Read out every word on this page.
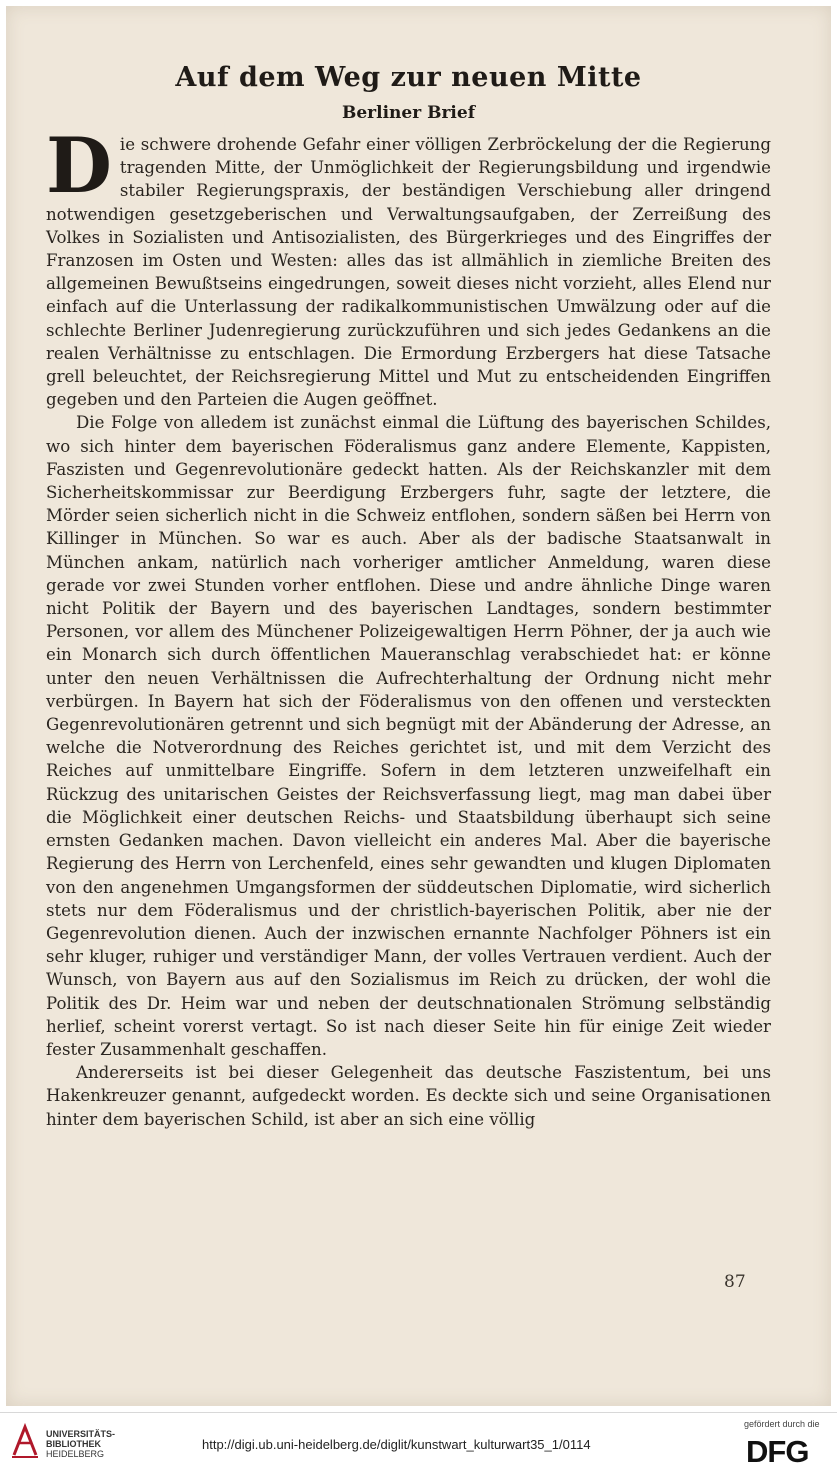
Auf dem Weg zur neuen Mitte
Berliner Brief

Die schwere drohende Gefahr einer völligen Zerbröckelung der die Regierung tragenden Mitte, der Unmöglichkeit der Regierungsbildung und irgendwie stabiler Regierungspraxis, der beständigen Verschiebung aller dringend notwendigen gesetzgeberischen und Verwaltungsaufgaben, der Zerreißung des Volkes in Sozialisten und Antisozialisten, des Bürgerkrieges und des Eingriffes der Franzosen im Osten und Westen: alles das ist allmählich in ziemliche Breiten des allgemeinen Bewußtseins eingedrungen, soweit dieses nicht vorzieht, alles Elend nur einfach auf die Unterlassung der radikalkommunistischen Umwälzung oder auf die schlechte Berliner Judenregierung zurückzuführen und sich jedes Gedankens an die realen Verhältnisse zu entschlagen. Die Ermordung Erzbergers hat diese Tatsache grell beleuchtet, der Reichsregierung Mittel und Mut zu entscheidenden Eingriffen gegeben und den Parteien die Augen geöffnet.

Die Folge von alledem ist zunächst einmal die Lüftung des bayerischen Schildes, wo sich hinter dem bayerischen Föderalismus ganz andere Elemente, Kappisten, Faszisten und Gegenrevolutionäre gedeckt hatten. Als der Reichskanzler mit dem Sicherheitskommissar zur Beerdigung Erzbergers fuhr, sagte der letztere, die Mörder seien sicherlich nicht in die Schweiz entflohen, sondern säßen bei Herrn von Killinger in München. So war es auch. Aber als der badische Staatsanwalt in München ankam, natürlich nach vorheriger amtlicher Anmeldung, waren diese gerade vor zwei Stunden vorher entflohen. Diese und andre ähnliche Dinge waren nicht Politik der Bayern und des bayerischen Landtages, sondern bestimmter Personen, vor allem des Münchener Polizeigewaltigen Herrn Pöhner, der ja auch wie ein Monarch sich durch öffentlichen Maueranschlag verabschiedet hat: er könne unter den neuen Verhältnissen die Aufrechterhaltung der Ordnung nicht mehr verbürgen. In Bayern hat sich der Föderalismus von den offenen und versteckten Gegenrevolutionären getrennt und sich begnügt mit der Abänderung der Adresse, an welche die Notverordnung des Reiches gerichtet ist, und mit dem Verzicht des Reiches auf unmittelbare Eingriffe. Sofern in dem letzteren unzweifelhaft ein Rückzug des unitarischen Geistes der Reichsverfassung liegt, mag man dabei über die Möglichkeit einer deutschen Reichs- und Staatsbildung überhaupt sich seine ernsten Gedanken machen. Davon vielleicht ein anderes Mal. Aber die bayerische Regierung des Herrn von Lerchenfeld, eines sehr gewandten und klugen Diplomaten von den angenehmen Umgangsformen der süddeutschen Diplomatie, wird sicherlich stets nur dem Föderalismus und der christlich-bayerischen Politik, aber nie der Gegenrevolution dienen. Auch der inzwischen ernannte Nachfolger Pöhners ist ein sehr kluger, ruhiger und verständiger Mann, der volles Vertrauen verdient. Auch der Wunsch, von Bayern aus auf den Sozialismus im Reich zu drücken, der wohl die Politik des Dr. Heim war und neben der deutschnationalen Strömung selbständig herlief, scheint vorerst vertagt. So ist nach dieser Seite hin für einige Zeit wieder fester Zusammenhalt geschaffen.

Andererseits ist bei dieser Gelegenheit das deutsche Faszistentum, bei uns Hakenkreuzer genannt, aufgedeckt worden. Es deckte sich und seine Organisationen hinter dem bayerischen Schild, ist aber an sich eine völlig

87
UNIVERSITÄTS-
BIBLIOTHEK
HEIDELBERG
http://digi.ub.uni-heidelberg.de/diglit/kunstwart_kulturwart35_1/0114
gefördert durch die
DFG
